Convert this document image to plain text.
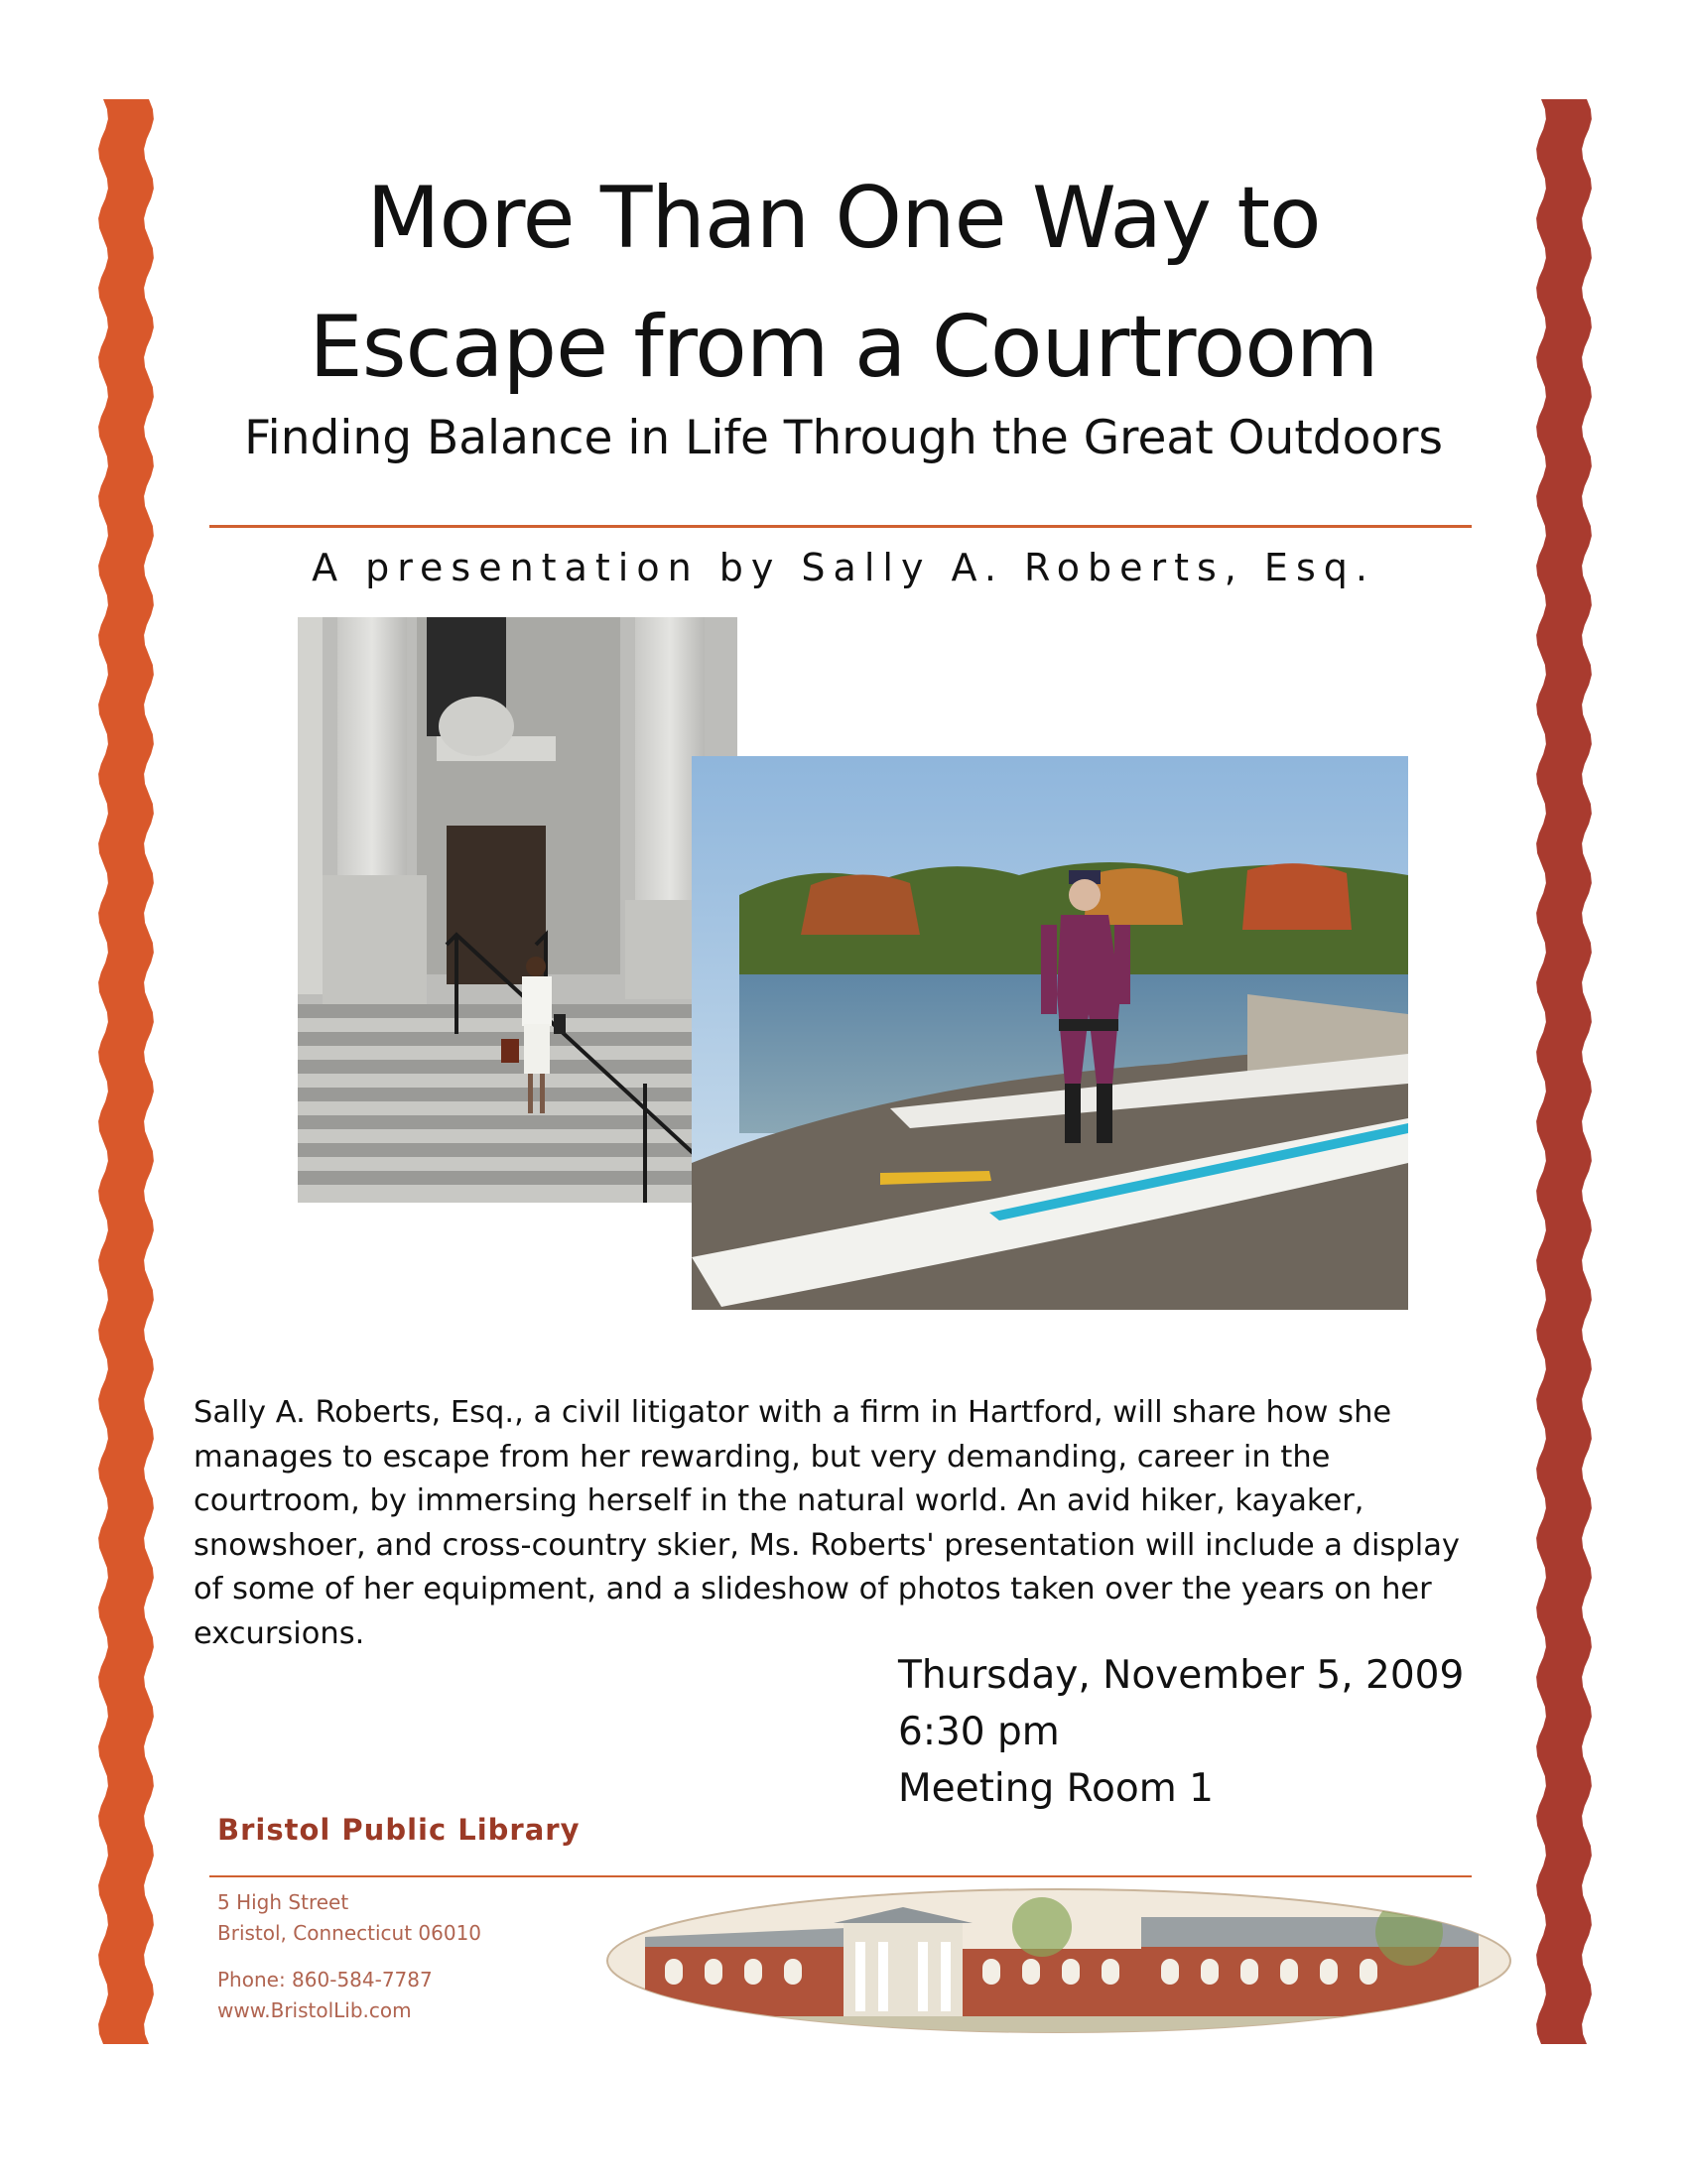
More Than One Way to
Escape from a Courtroom

Finding Balance in Life Through the Great Outdoors

A presentation by Sally A. Roberts, Esq.

Sally A. Roberts, Esq., a civil litigator with a firm in Hartford, will share how she manages to escape from her rewarding, but very demanding, career in the courtroom, by immersing herself in the natural world. An avid hiker, kayaker, snowshoer, and cross-country skier, Ms. Roberts' presentation will include a display of some of her equipment, and a slideshow of photos taken over the years on her excursions.

Thursday, November 5, 2009
6:30 pm
Meeting Room 1
Bristol Public Library
5 High Street
Bristol, Connecticut 06010
Phone: 860-584-7787
www.BristolLib.com
